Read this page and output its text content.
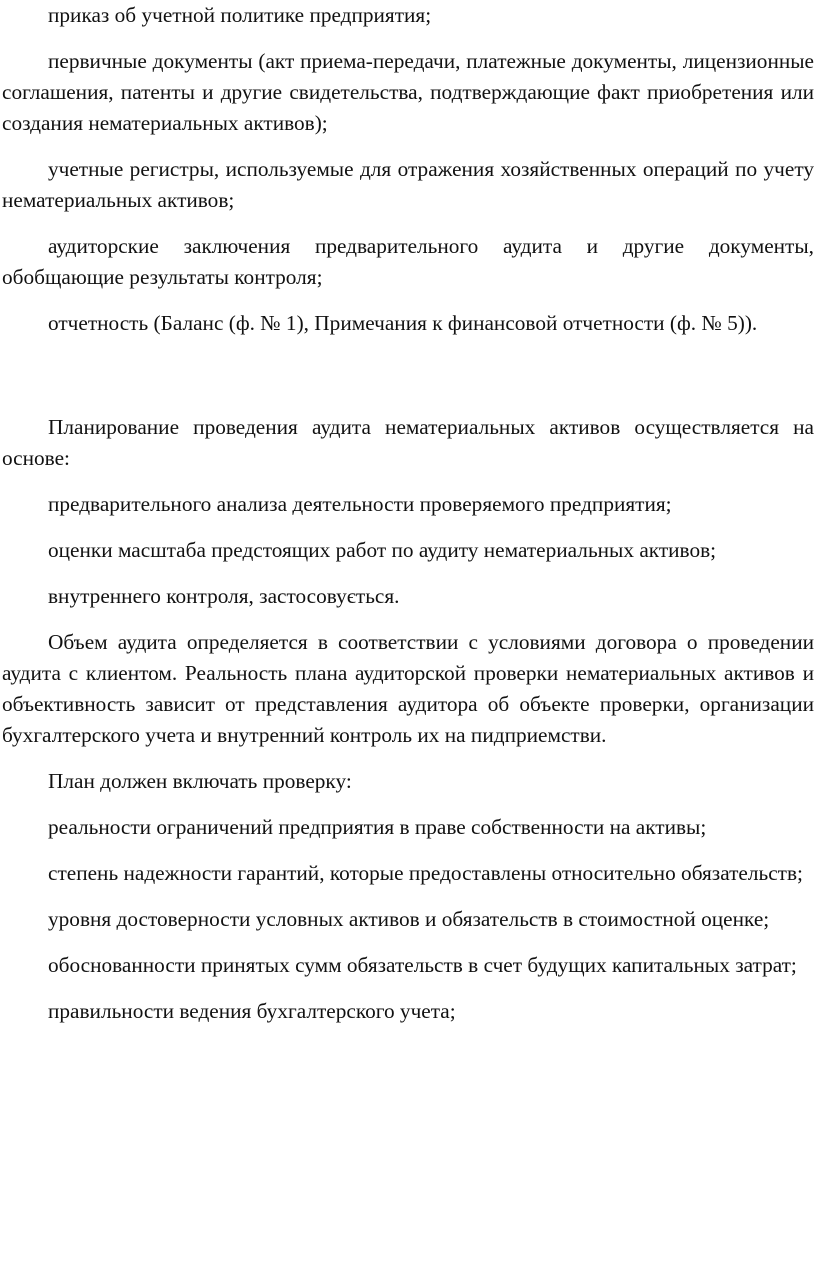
приказ об учетной политике предприятия;

первичные документы (акт приема-передачи, платежные документы, лицензионные соглашения, патенты и другие свидетельства, подтверждающие факт приобретения или создания нематериальных активов);

учетные регистры, используемые для отражения хозяйственных операций по учету нематериальных активов;

аудиторские заключения предварительного аудита и другие документы, обобщающие результаты контроля;

отчетность (Баланс (ф. № 1), Примечания к финансовой отчетности (ф. № 5)).

Планирование проведения аудита нематериальных активов осуществляется на основе:

предварительного анализа деятельности проверяемого предприятия;

оценки масштаба предстоящих работ по аудиту нематериальных активов;

внутреннего контроля, застосовується.

Объем аудита определяется в соответствии с условиями договора о проведении аудита с клиентом. Реальность плана аудиторской проверки нематериальных активов и объективность зависит от представления аудитора об объекте проверки, организации бухгалтерского учета и внутренний контроль их на пидприемстви.

План должен включать проверку:

реальности ограничений предприятия в праве собственности на активы;

степень надежности гарантий, которые предоставлены относительно обязательств;

уровня достоверности условных активов и обязательств в стоимостной оценке;

обоснованности принятых сумм обязательств в счет будущих капитальных затрат;

правильности ведения бухгалтерского учета;
